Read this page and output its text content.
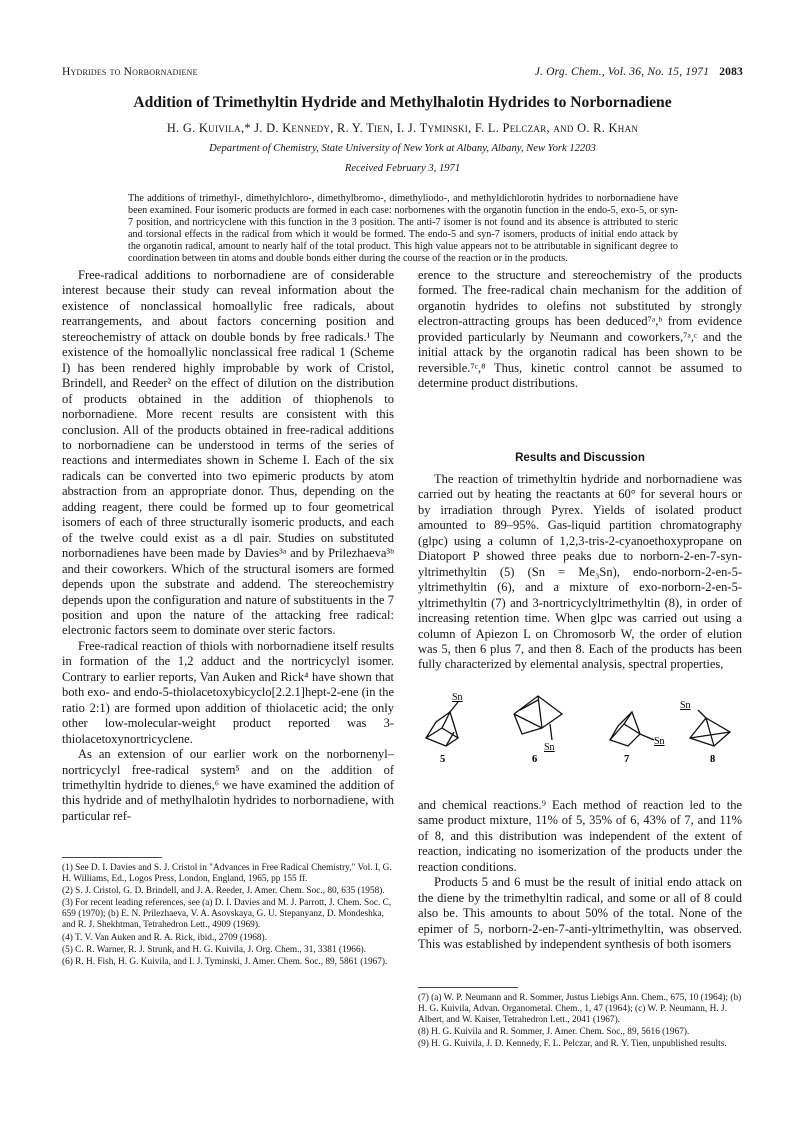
Hydrides to Norbornadiene	J. Org. Chem., Vol. 36, No. 15, 1971 2083
Addition of Trimethyltin Hydride and Methylhalotin Hydrides to Norbornadiene
H. G. Kuivila,* J. D. Kennedy, R. Y. Tien, I. J. Tyminski, F. L. Pelczar, and O. R. Khan
Department of Chemistry, State University of New York at Albany, Albany, New York 12203
Received February 3, 1971
The additions of trimethyl-, dimethylchloro-, dimethylbromo-, dimethyliodo-, and methyldichlorotin hydrides to norbornadiene have been examined. Four isomeric products are formed in each case: norbornenes with the organotin function in the endo-5, exo-5, or syn-7 position, and nortricyclene with this function in the 3 position. The anti-7 isomer is not found and its absence is attributed to steric and torsional effects in the radical from which it would be formed. The endo-5 and syn-7 isomers, products of initial endo attack by the organotin radical, amount to nearly half of the total product. This high value appears not to be attributable in significant degree to coordination between tin atoms and double bonds either during the course of the reaction or in the products.

Free-radical additions to norbornadiene are of considerable interest because their study can reveal information about the existence of nonclassical homoallylic free radicals, about rearrangements, and about factors concerning position and stereochemistry of attack on double bonds by free radicals.¹ The existence of the homoallylic nonclassical free radical 1 (Scheme I) has been rendered highly improbable by work of Cristol, Brindell, and Reeder² on the effect of dilution on the distribution of products obtained in the addition of thiophenols to norbornadiene. More recent results are consistent with this conclusion. All of the products obtained in free-radical additions to norbornadiene can be understood in terms of the series of reactions and intermediates shown in Scheme I. Each of the six radicals can be converted into two epimeric products by atom abstraction from an appropriate donor. Thus, depending on the adding reagent, there could be formed up to four geometrical isomers of each of three structurally isomeric products, and each of the twelve could exist as a dl pair. Studies on substituted norbornadienes have been made by Davies³ᵃ and by Prilezhaeva³ᵇ and their coworkers. Which of the structural isomers are formed depends upon the substrate and addend. The stereochemistry depends upon the configuration and nature of substituents in the 7 position and upon the nature of the attacking free radical: electronic factors seem to dominate over steric factors.

Free-radical reaction of thiols with norbornadiene itself results in formation of the 1,2 adduct and the nortricyclyl isomer. Contrary to earlier reports, Van Auken and Rick⁴ have shown that both exo- and endo-5-thiolacetoxybicyclo[2.2.1]hept-2-ene (in the ratio 2:1) are formed upon addition of thiolacetic acid; the only other low-molecular-weight product reported was 3-thiolacetoxynortricyclene.

As an extension of our earlier work on the norbornenyl–nortricyclyl free-radical system⁵ and on the addition of trimethyltin hydride to dienes,⁶ we have examined the addition of this hydride and of methylhalotin hydrides to norbornadiene, with particular ref-

(1) See D. I. Davies and S. J. Cristol in "Advances in Free Radical Chemistry," Vol. I, G. H. Williams, Ed., Logos Press, London, England, 1965, pp 155 ff.

(2) S. J. Cristol, G. D. Brindell, and J. A. Reeder, J. Amer. Chem. Soc., 80, 635 (1958).

(3) For recent leading references, see (a) D. I. Davies and M. J. Parrott, J. Chem. Soc. C, 659 (1970); (b) E. N. Prilezhaeva, V. A. Asovskaya, G. U. Stepanyanz, D. Mondeshka, and R. J. Shekhtman, Tetrahedron Lett., 4909 (1969).

(4) T. V. Van Auken and R. A. Rick, ibid., 2709 (1968).

(5) C. R. Warner, R. J. Strunk, and H. G. Kuivila, J. Org. Chem., 31, 3381 (1966).

(6) R. H. Fish, H. G. Kuivila, and I. J. Tyminski, J. Amer. Chem. Soc., 89, 5861 (1967).

erence to the structure and stereochemistry of the products formed. The free-radical chain mechanism for the addition of organotin hydrides to olefins not substituted by strongly electron-attracting groups has been deduced⁷ᵃ,ᵇ from evidence provided particularly by Neumann and coworkers,⁷ᵃ,ᶜ and the initial attack by the organotin radical has been shown to be reversible.⁷ᶜ,⁸ Thus, kinetic control cannot be assumed to determine product distributions.

Results and Discussion

The reaction of trimethyltin hydride and norbornadiene was carried out by heating the reactants at 60° for several hours or by irradiation through Pyrex. Yields of isolated product amounted to 89–95%. Gas-liquid partition chromatography (glpc) using a column of 1,2,3-tris-2-cyanoethoxypropane on Diatoport P showed three peaks due to norborn-2-en-7-syn-yltrimethyltin (5) (Sn = Me₃Sn), endo-norborn-2-en-5-yltrimethyltin (6), and a mixture of exo-norborn-2-en-5-yltrimethyltin (7) and 3-nortricyclyltrimethyltin (8), in order of increasing retention time. When glpc was carried out using a column of Apiezon L on Chromosorb W, the order of elution was 5, then 6 plus 7, and then 8. Each of the products has been fully characterized by elemental analysis, spectral properties,

Sn
Sn
Sn
Sn
5	6	7	8

and chemical reactions.⁹ Each method of reaction led to the same product mixture, 11% of 5, 35% of 6, 43% of 7, and 11% of 8, and this distribution was independent of the extent of reaction, indicating no isomerization of the products under the reaction conditions.

Products 5 and 6 must be the result of initial endo attack on the diene by the trimethyltin radical, and some or all of 8 could also be. This amounts to about 50% of the total. None of the epimer of 5, norborn-2-en-7-anti-yltrimethyltin, was observed. This was established by independent synthesis of both isomers

(7) (a) W. P. Neumann and R. Sommer, Justus Liebigs Ann. Chem., 675, 10 (1964); (b) H. G. Kuivila, Advan. Organometal. Chem., 1, 47 (1964); (c) W. P. Neumann, H. J. Albert, and W. Kaiser, Tetrahedron Lett., 2041 (1967).

(8) H. G. Kuivila and R. Sommer, J. Amer. Chem. Soc., 89, 5616 (1967).

(9) H. G. Kuivila, J. D. Kennedy, F. L. Pelczar, and R. Y. Tien, unpublished results.
